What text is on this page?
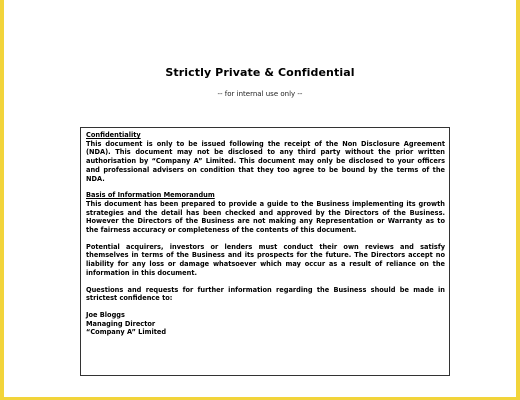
Strictly Private & Confidential
-- for internal use only --
Confidentiality
This document is only to be issued following the receipt of the Non Disclosure Agreement (NDA). This document may not be disclosed to any third party without the prior written authorisation by “Company A” Limited. This document may only be disclosed to your officers and professional advisers on condition that they too agree to be bound by the terms of the NDA.
Basis of Information Memorandum
This document has been prepared to provide a guide to the Business implementing its growth strategies and the detail has been checked and approved by the Directors of the Business. However the Directors of the Business are not making any Representation or Warranty as to the fairness accuracy or completeness of the contents of this document.
Potential acquirers, investors or lenders must conduct their own reviews and satisfy themselves in terms of the Business and its prospects for the future. The Directors accept no liability for any loss or damage whatsoever which may occur as a result of reliance on the information in this document.
Questions and requests for further information regarding the Business should be made in strictest confidence to:
Joe Bloggs
Managing Director
“Company A” Limited
